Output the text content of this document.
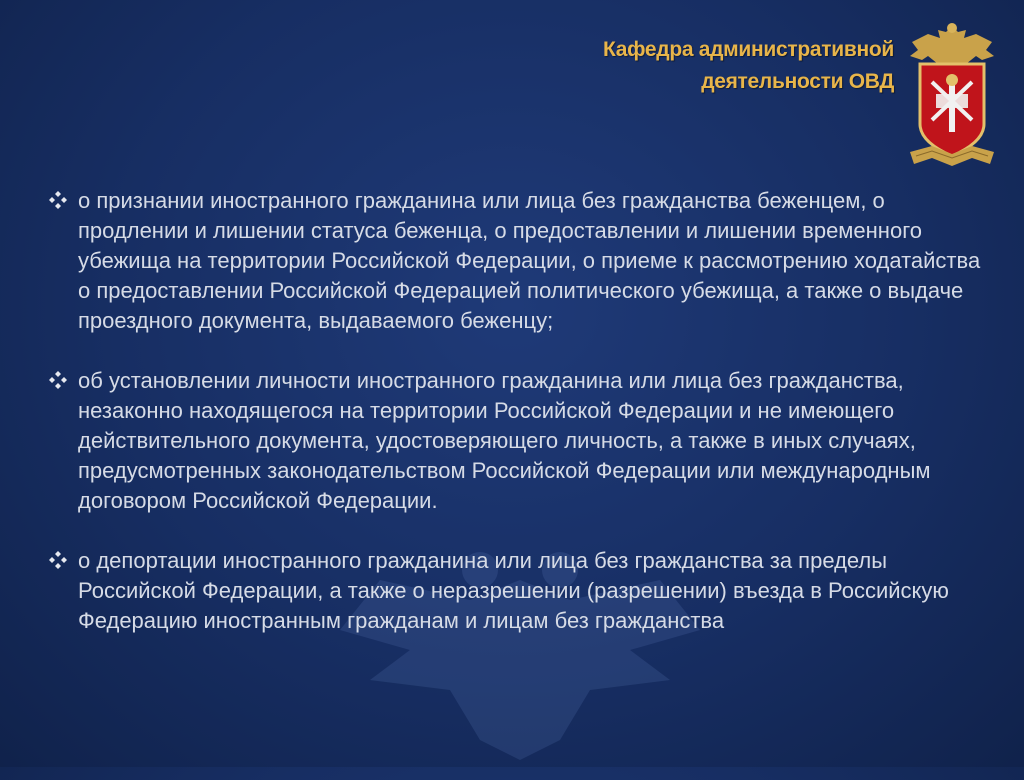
Кафедра административной
деятельности ОВД
о признании иностранного гражданина или лица без гражданства беженцем, о продлении и лишении статуса беженца, о предоставлении и лишении временного убежища на территории Российской Федерации, о приеме к рассмотрению ходатайства о предоставлении Российской Федерацией политического убежища, а также о выдаче проездного документа, выдаваемого беженцу;
об установлении личности иностранного гражданина или лица без гражданства, незаконно находящегося на территории Российской Федерации и не имеющего действительного документа, удостоверяющего личность, а также в иных случаях, предусмотренных законодательством Российской Федерации или международным договором Российской Федерации.
о депортации иностранного гражданина или лица без гражданства за пределы Российской Федерации, а также о неразрешении (разрешении) въезда в Российскую Федерацию иностранным гражданам и лицам без гражданства
